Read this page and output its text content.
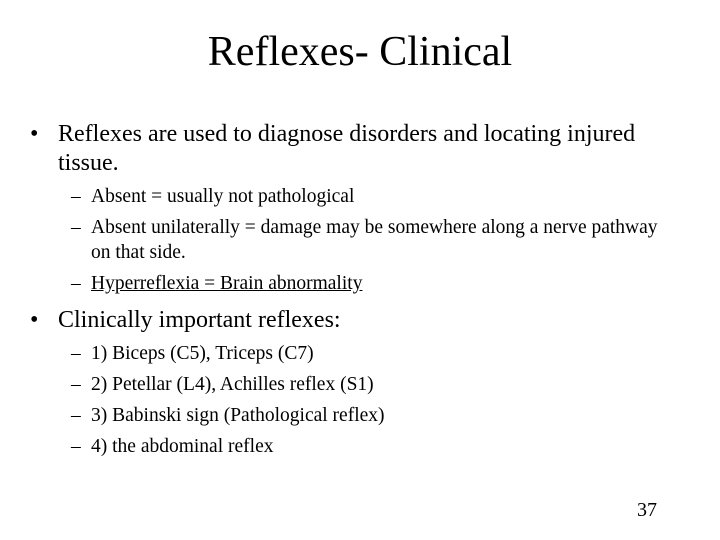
Reflexes- Clinical
• Reflexes are used to diagnose disorders and locating injured tissue.
– Absent = usually not pathological
– Absent unilaterally = damage may be somewhere along a nerve pathway on that side.
– Hyperreflexia = Brain abnormality
• Clinically important reflexes:
– 1) Biceps (C5), Triceps (C7)
– 2) Petellar (L4), Achilles reflex (S1)
– 3) Babinski sign (Pathological reflex)
– 4) the abdominal reflex
37
